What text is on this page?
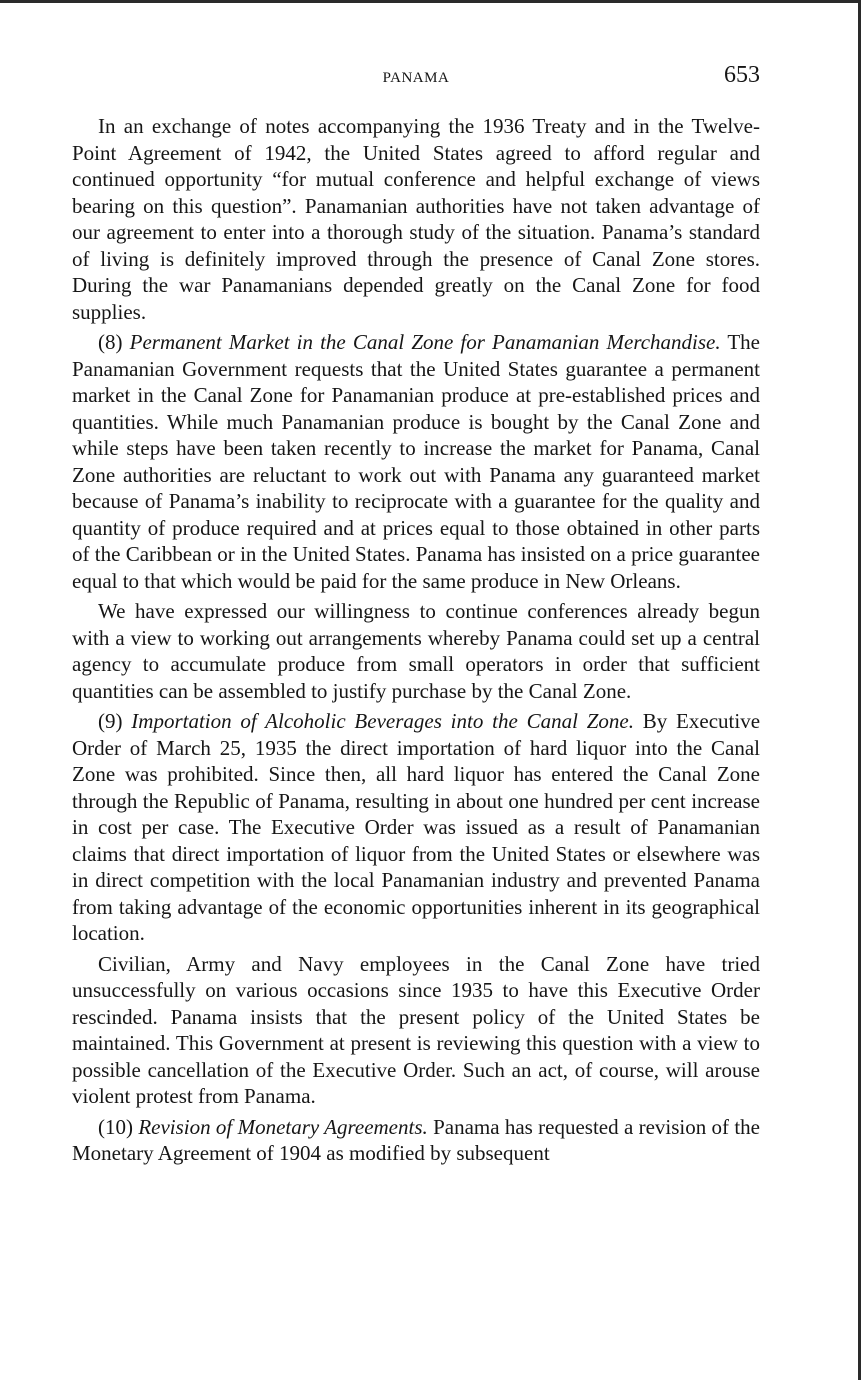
PANAMA	653

In an exchange of notes accompanying the 1936 Treaty and in the Twelve-Point Agreement of 1942, the United States agreed to afford regular and continued opportunity “for mutual conference and helpful exchange of views bearing on this question”. Panamanian authorities have not taken advantage of our agreement to enter into a thorough study of the situation. Panama’s standard of living is definitely improved through the presence of Canal Zone stores. During the war Panamanians depended greatly on the Canal Zone for food supplies.

(8) Permanent Market in the Canal Zone for Panamanian Merchandise. The Panamanian Government requests that the United States guarantee a permanent market in the Canal Zone for Panamanian produce at pre-established prices and quantities. While much Panamanian produce is bought by the Canal Zone and while steps have been taken recently to increase the market for Panama, Canal Zone authorities are reluctant to work out with Panama any guaranteed market because of Panama’s inability to reciprocate with a guarantee for the quality and quantity of produce required and at prices equal to those obtained in other parts of the Caribbean or in the United States. Panama has insisted on a price guarantee equal to that which would be paid for the same produce in New Orleans.

We have expressed our willingness to continue conferences already begun with a view to working out arrangements whereby Panama could set up a central agency to accumulate produce from small operators in order that sufficient quantities can be assembled to justify purchase by the Canal Zone.

(9) Importation of Alcoholic Beverages into the Canal Zone. By Executive Order of March 25, 1935 the direct importation of hard liquor into the Canal Zone was prohibited. Since then, all hard liquor has entered the Canal Zone through the Republic of Panama, resulting in about one hundred per cent increase in cost per case. The Executive Order was issued as a result of Panamanian claims that direct importation of liquor from the United States or elsewhere was in direct competition with the local Panamanian industry and prevented Panama from taking advantage of the economic opportunities inherent in its geographical location.

Civilian, Army and Navy employees in the Canal Zone have tried unsuccessfully on various occasions since 1935 to have this Executive Order rescinded. Panama insists that the present policy of the United States be maintained. This Government at present is reviewing this question with a view to possible cancellation of the Executive Order. Such an act, of course, will arouse violent protest from Panama.

(10) Revision of Monetary Agreements. Panama has requested a revision of the Monetary Agreement of 1904 as modified by subsequent
